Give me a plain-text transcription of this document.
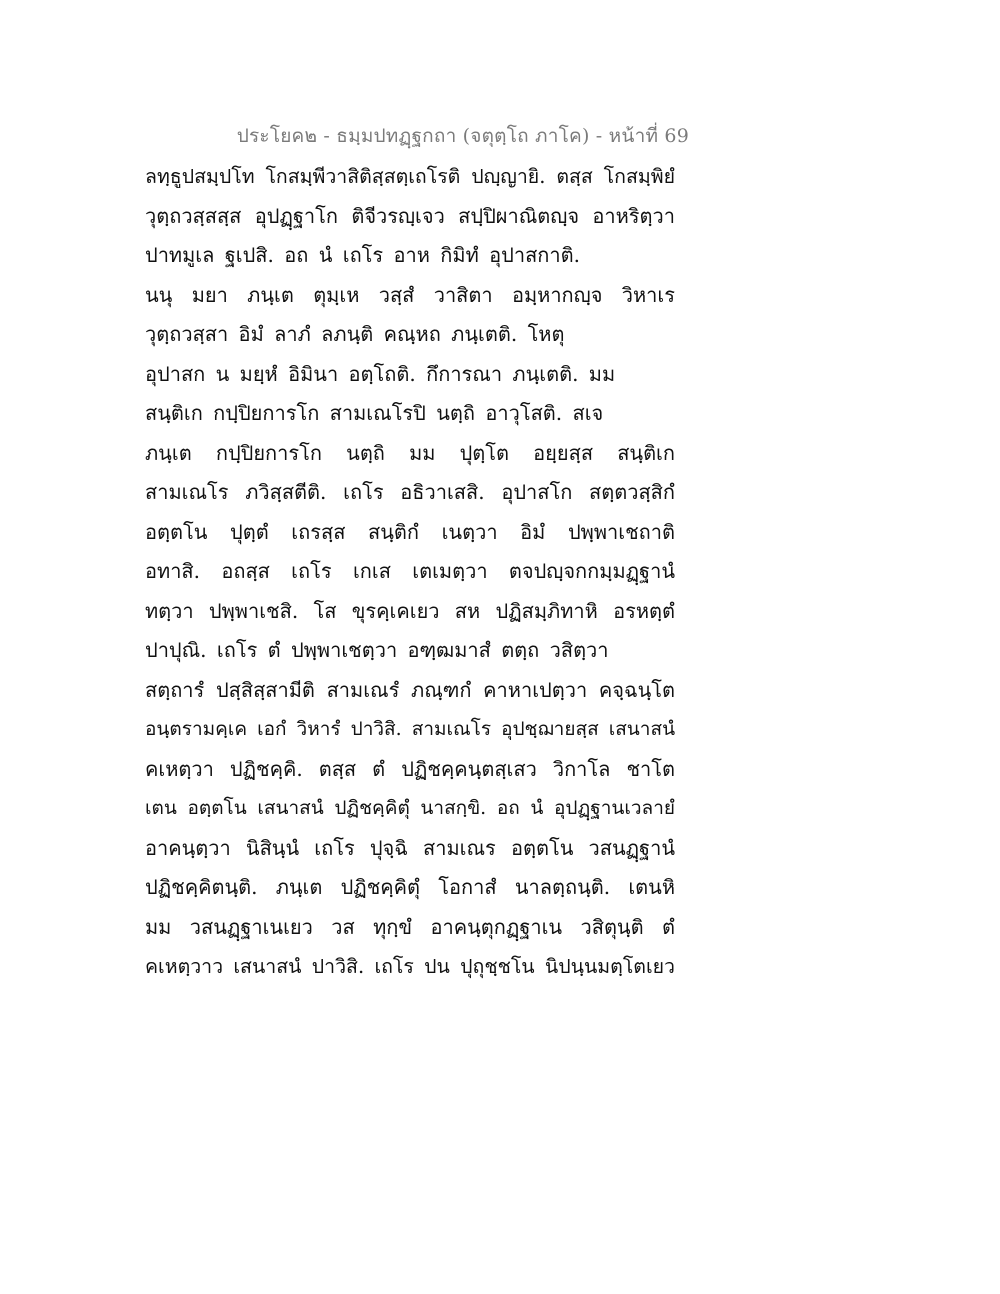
ประโยค๒ - ธมฺมปทฏฺฐกถา (จตุตฺโถ ภาโค) - หน้าที่ 69
ลทฺธูปสมฺปโท โกสมฺพีวาสิติสฺสตฺเถโรติ ปญฺญายิ. ตสฺส โกสมฺพิยํ
วุตฺถวสฺสสฺส อุปฏฺฐาโก ติจีวรญฺเจว สปฺปิผาณิตญฺจ อาหริตฺวา
ปาทมูเล ฐเปสิ. อถ นํ เถโร อาห กิมิทํ อุปาสกาติ.
นนุ มยา ภนฺเต ตุมฺเห วสฺสํ วาสิตา อมฺหากญฺจ วิหาเร
วุตฺถวสฺสา อิมํ ลาภํ ลภนฺติ คณฺหถ ภนฺเตติ. โหตุ
อุปาสก น มยฺหํ อิมินา อตฺโถติ. กึการณา ภนฺเตติ. มม
สนฺติเก กปฺปิยการโก สามเณโรปิ นตฺถิ อาวุโสติ. สเจ
ภนฺเต กปฺปิยการโก นตฺถิ มม ปุตฺโต อยฺยสฺส สนฺติเก
สามเณโร ภวิสฺสตีติ. เถโร อธิวาเสสิ. อุปาสโก สตฺตวสฺสิกํ
อตฺตโน ปุตฺตํ เถรสฺส สนฺติกํ เนตฺวา อิมํ ปพฺพาเชถาติ
อทาสิ. อถสฺส เถโร เกเส เตเมตฺวา ตจปญฺจกกมฺมฏฺฐานํ
ทตฺวา ปพฺพาเชสิ. โส ขุรคฺเคเยว สห ปฏิสมฺภิทาหิ อรหตฺตํ
ปาปุณิ. เถโร ตํ ปพฺพาเชตฺวา อฑฺฒมาสํ ตตฺถ วสิตฺวา
สตฺถารํ ปสฺสิสฺสามีติ สามเณรํ ภณฺฑกํ คาหาเปตฺวา คจฺฉนฺโต
อนฺตรามคฺเค เอกํ วิหารํ ปาวิสิ. สามเณโร อุปชฺฌายสฺส เสนาสนํ
คเหตฺวา ปฏิชคฺคิ. ตสฺส ตํ ปฏิชคฺคนฺตสฺเสว วิกาโล ชาโต
เตน อตฺตโน เสนาสนํ ปฏิชคฺคิตุํ นาสกฺขิ. อถ นํ อุปฏฺฐานเวลายํ
อาคนฺตฺวา นิสินฺนํ เถโร ปุจฺฉิ สามเณร อตฺตโน วสนฏฺฐานํ
ปฏิชคฺคิตนฺติ. ภนฺเต ปฏิชคฺคิตุํ โอกาสํ นาลตฺถนฺติ. เตนหิ
มม วสนฏฺฐาเนเยว วส ทุกฺขํ อาคนฺตุกฏฺฐาเน วสิตุนฺติ ตํ
คเหตฺวาว เสนาสนํ ปาวิสิ. เถโร ปน ปุถุชฺชโน นิปนฺนมตฺโตเยว
